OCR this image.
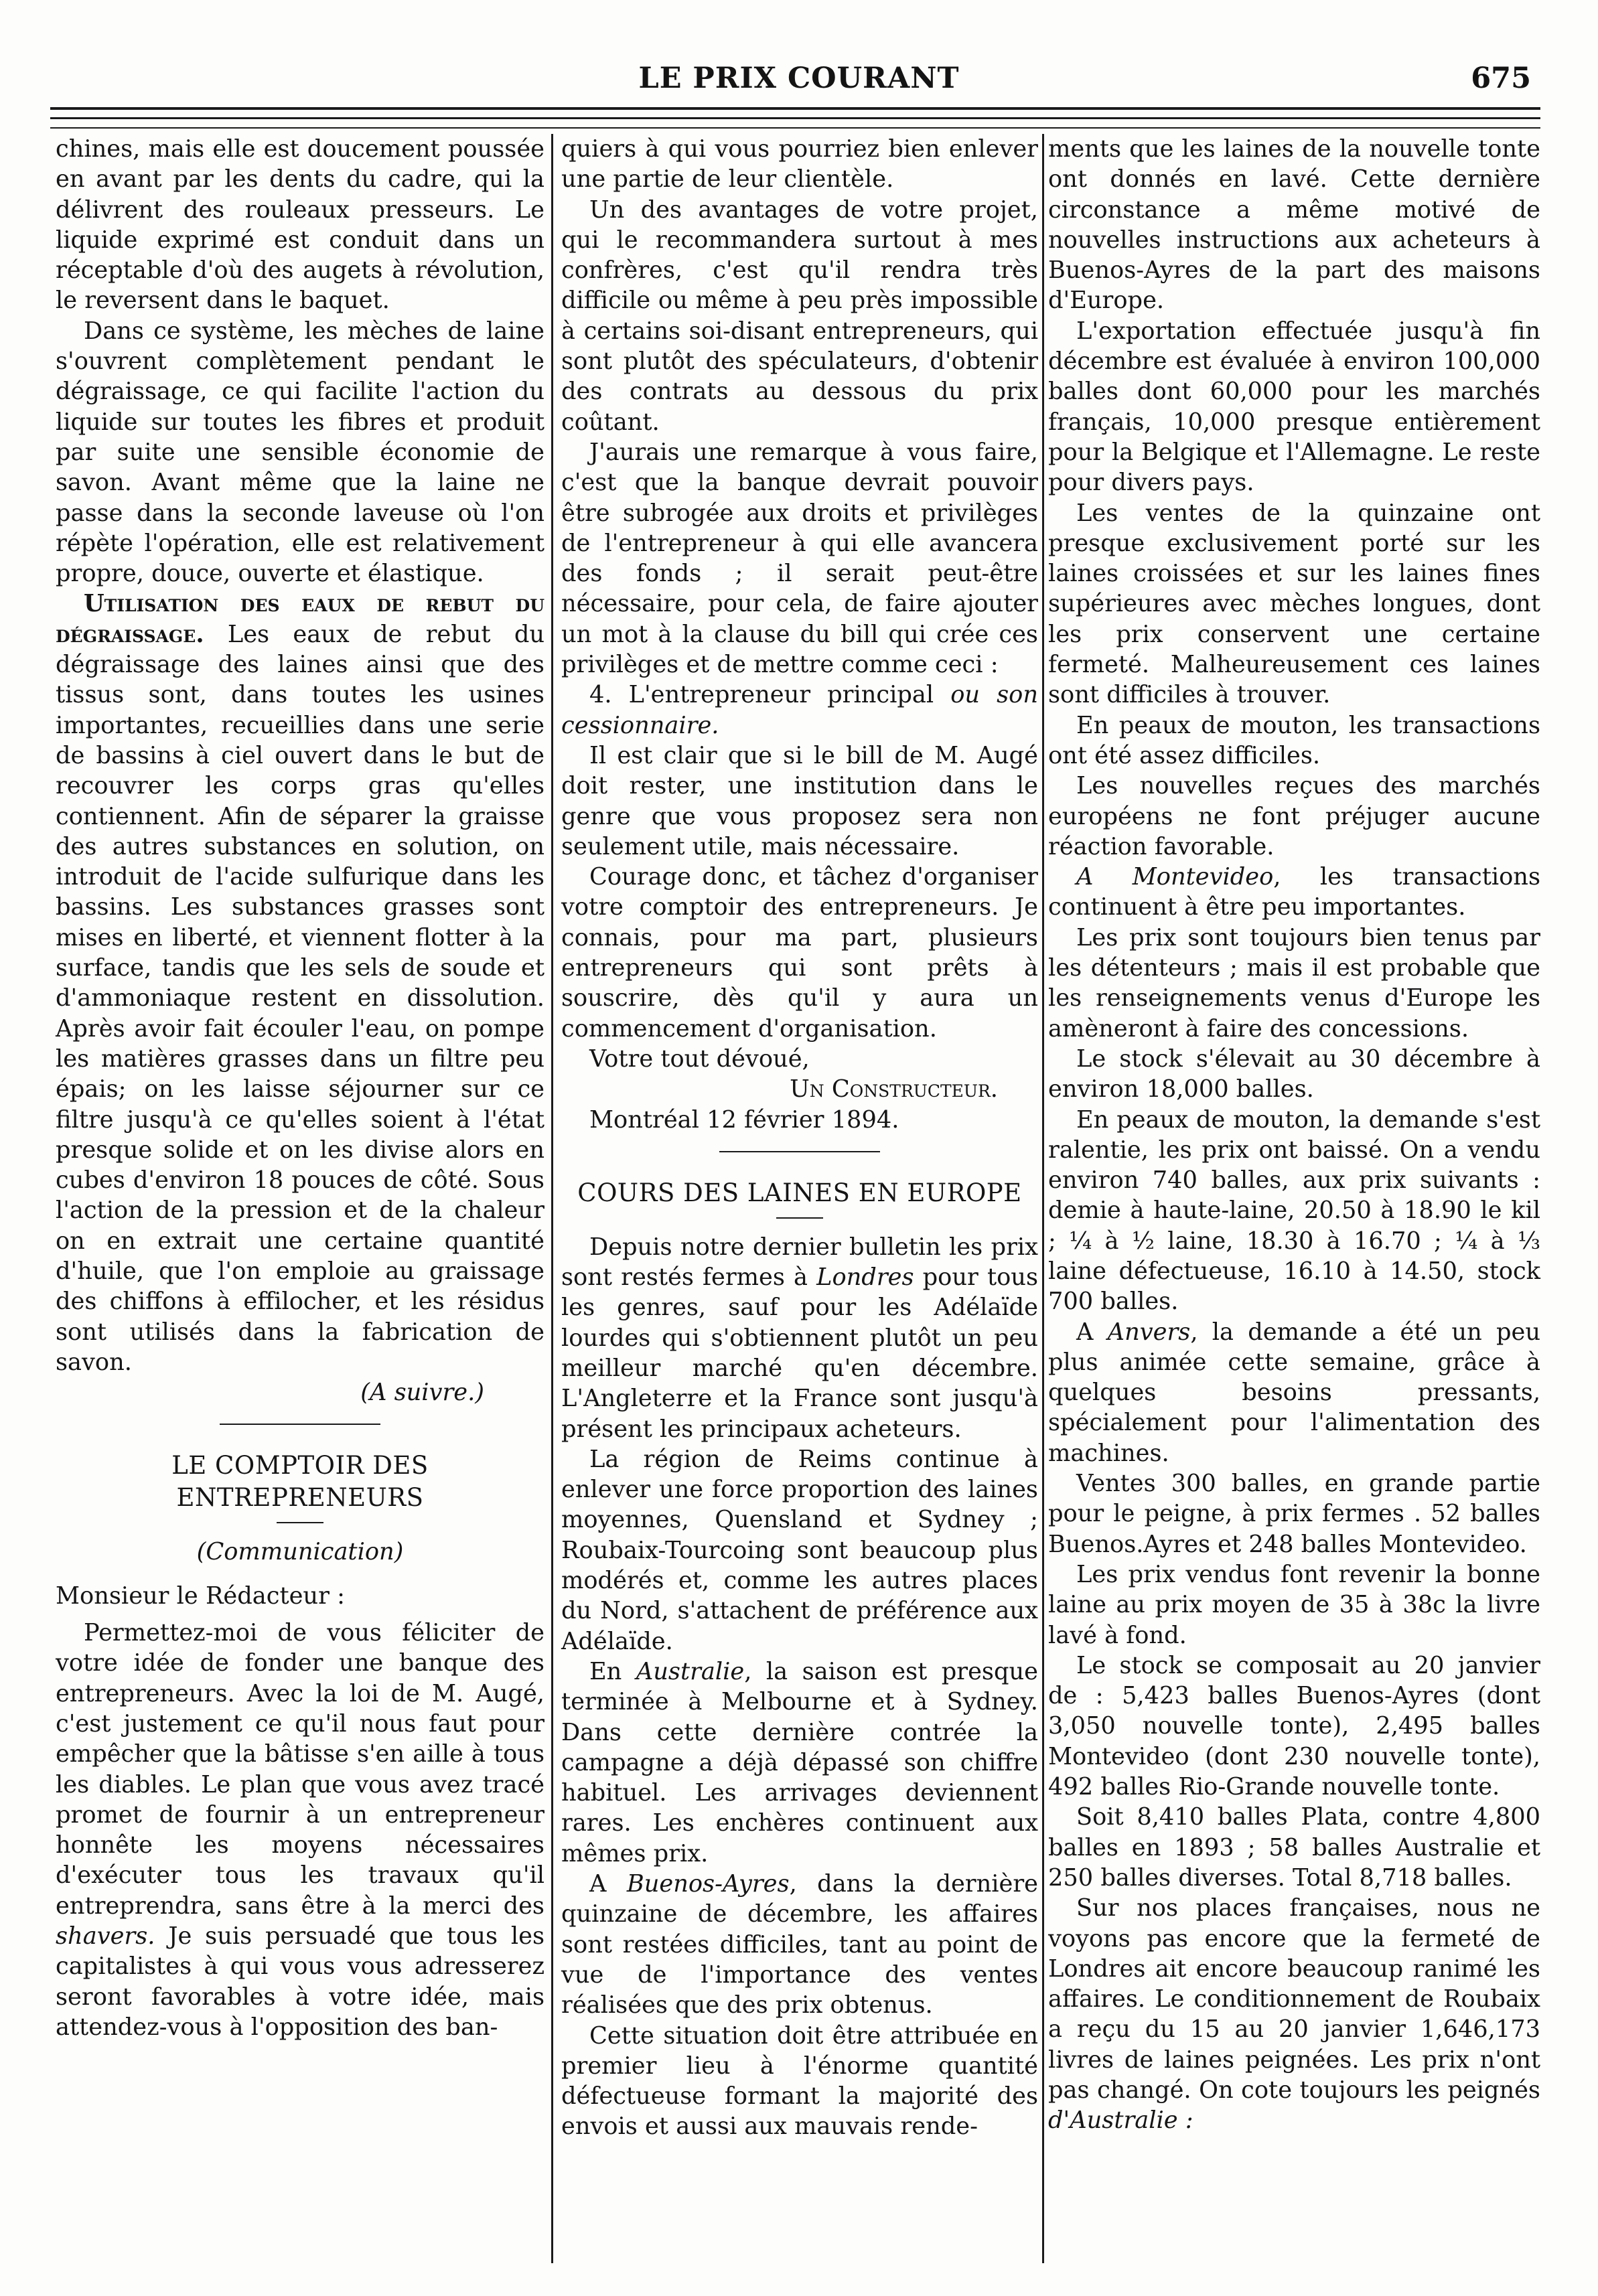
LE PRIX COURANT	675

chines, mais elle est doucement poussée en avant par les dents du cadre, qui la délivrent des rouleaux presseurs. Le liquide exprimé est conduit dans un réceptable d'où des augets à révolution, le reversent dans le baquet.

Dans ce système, les mèches de laine s'ouvrent complètement pendant le dégraissage, ce qui facilite l'action du liquide sur toutes les fibres et produit par suite une sensible économie de savon. Avant même que la laine ne passe dans la seconde laveuse où l'on répète l'opération, elle est relativement propre, douce, ouverte et élastique.

Utilisation des eaux de rebut du dégraissage. Les eaux de rebut du dégraissage des laines ainsi que des tissus sont, dans toutes les usines importantes, recueillies dans une serie de bassins à ciel ouvert dans le but de recouvrer les corps gras qu'elles contiennent. Afin de séparer la graisse des autres substances en solution, on introduit de l'acide sulfurique dans les bassins. Les substances grasses sont mises en liberté, et viennent flotter à la surface, tandis que les sels de soude et d'ammoniaque restent en dissolution. Après avoir fait écouler l'eau, on pompe les matières grasses dans un filtre peu épais; on les laisse séjourner sur ce filtre jusqu'à ce qu'elles soient à l'état presque solide et on les divise alors en cubes d'environ 18 pouces de côté. Sous l'action de la pression et de la chaleur on en extrait une certaine quantité d'huile, que l'on emploie au graissage des chiffons à effilocher, et les résidus sont utilisés dans la fabrication de savon.

(A suivre.)

LE COMPTOIR DES ENTREPRENEURS

(Communication)

Monsieur le Rédacteur :

Permettez-moi de vous féliciter de votre idée de fonder une banque des entrepreneurs. Avec la loi de M. Augé, c'est justement ce qu'il nous faut pour empêcher que la bâtisse s'en aille à tous les diables. Le plan que vous avez tracé promet de fournir à un entrepreneur honnête les moyens nécessaires d'exécuter tous les travaux qu'il entreprendra, sans être à la merci des shavers. Je suis persuadé que tous les capitalistes à qui vous vous adresserez seront favorables à votre idée, mais attendez-vous à l'opposition des ban-

quiers à qui vous pourriez bien enlever une partie de leur clientèle.

Un des avantages de votre projet, qui le recommandera surtout à mes confrères, c'est qu'il rendra très difficile ou même à peu près impossible à certains soi-disant entrepreneurs, qui sont plutôt des spéculateurs, d'obtenir des contrats au dessous du prix coûtant.

J'aurais une remarque à vous faire, c'est que la banque devrait pouvoir être subrogée aux droits et privilèges de l'entrepreneur à qui elle avancera des fonds ; il serait peut-être nécessaire, pour cela, de faire ajouter un mot à la clause du bill qui crée ces privilèges et de mettre comme ceci :

4. L'entrepreneur principal ou son cessionnaire.

Il est clair que si le bill de M. Augé doit rester, une institution dans le genre que vous proposez sera non seulement utile, mais nécessaire.

Courage donc, et tâchez d'organiser votre comptoir des entrepreneurs. Je connais, pour ma part, plusieurs entrepreneurs qui sont prêts à souscrire, dès qu'il y aura un commencement d'organisation.

Votre tout dévoué,

Un Constructeur.

Montréal 12 février 1894.

COURS DES LAINES EN EUROPE

Depuis notre dernier bulletin les prix sont restés fermes à Londres pour tous les genres, sauf pour les Adélaïde lourdes qui s'obtiennent plutôt un peu meilleur marché qu'en décembre. L'Angleterre et la France sont jusqu'à présent les principaux acheteurs.

La région de Reims continue à enlever une force proportion des laines moyennes, Quensland et Sydney ; Roubaix-Tourcoing sont beaucoup plus modérés et, comme les autres places du Nord, s'attachent de préférence aux Adélaïde.

En Australie, la saison est presque terminée à Melbourne et à Sydney. Dans cette dernière contrée la campagne a déjà dépassé son chiffre habituel. Les arrivages deviennent rares. Les enchères continuent aux mêmes prix.

A Buenos-Ayres, dans la dernière quinzaine de décembre, les affaires sont restées difficiles, tant au point de vue de l'importance des ventes réalisées que des prix obtenus.

Cette situation doit être attribuée en premier lieu à l'énorme quantité défectueuse formant la majorité des envois et aussi aux mauvais rende-

ments que les laines de la nouvelle tonte ont donnés en lavé. Cette dernière circonstance a même motivé de nouvelles instructions aux acheteurs à Buenos-Ayres de la part des maisons d'Europe.

L'exportation effectuée jusqu'à fin décembre est évaluée à environ 100,000 balles dont 60,000 pour les marchés français, 10,000 presque entièrement pour la Belgique et l'Allemagne. Le reste pour divers pays.

Les ventes de la quinzaine ont presque exclusivement porté sur les laines croissées et sur les laines fines supérieures avec mèches longues, dont les prix conservent une certaine fermeté. Malheureusement ces laines sont difficiles à trouver.

En peaux de mouton, les transactions ont été assez difficiles.

Les nouvelles reçues des marchés européens ne font préjuger aucune réaction favorable.

A Montevideo, les transactions continuent à être peu importantes.

Les prix sont toujours bien tenus par les détenteurs ; mais il est probable que les renseignements venus d'Europe les amèneront à faire des concessions.

Le stock s'élevait au 30 décembre à environ 18,000 balles.

En peaux de mouton, la demande s'est ralentie, les prix ont baissé. On a vendu environ 740 balles, aux prix suivants : demie à haute-laine, 20.50 à 18.90 le kil ; ¼ à ½ laine, 18.30 à 16.70 ; ¼ à ⅓ laine défectueuse, 16.10 à 14.50, stock 700 balles.

A Anvers, la demande a été un peu plus animée cette semaine, grâce à quelques besoins pressants, spécialement pour l'alimentation des machines.

Ventes 300 balles, en grande partie pour le peigne, à prix fermes . 52 balles Buenos.Ayres et 248 balles Montevideo.

Les prix vendus font revenir la bonne laine au prix moyen de 35 à 38c la livre lavé à fond.

Le stock se composait au 20 janvier de : 5,423 balles Buenos-Ayres (dont 3,050 nouvelle tonte), 2,495 balles Montevideo (dont 230 nouvelle tonte), 492 balles Rio-Grande nouvelle tonte.

Soit 8,410 balles Plata, contre 4,800 balles en 1893 ; 58 balles Australie et 250 balles diverses. Total 8,718 balles.

Sur nos places françaises, nous ne voyons pas encore que la fermeté de Londres ait encore beaucoup ranimé les affaires. Le conditionnement de Roubaix a reçu du 15 au 20 janvier 1,646,173 livres de laines peignées. Les prix n'ont pas changé. On cote toujours les peignés d'Australie :
